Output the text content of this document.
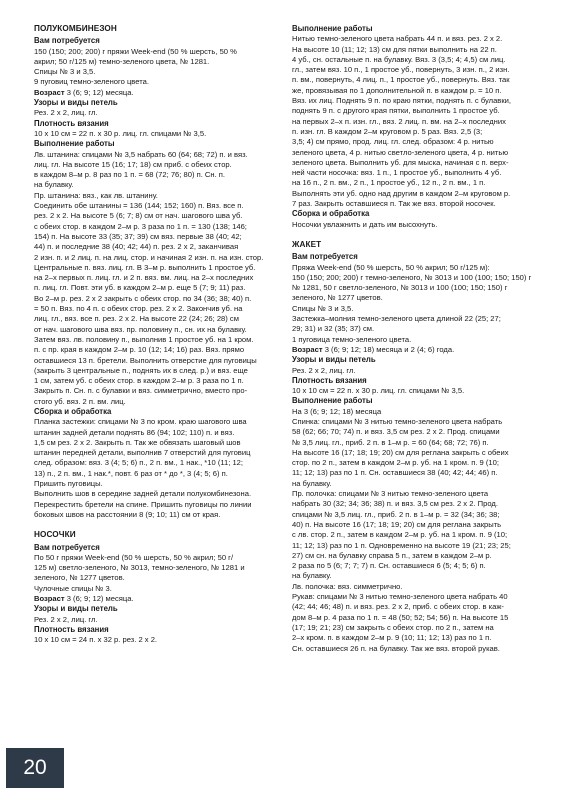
ПОЛУКОМБИНЕЗОН
Вам потребуется
150 (150; 200; 200) г пряжи Week-end (50 % шерсть, 50 %
акрил; 50 г/125 м) темно-зеленого цвета, № 1281.
Спицы № 3 и 3,5.
9 пуговиц темно-зеленого цвета.

Возраст 3 (6; 9; 12) месяца.

Узоры и виды петель

Рез. 2 х 2, лиц. гл.

Плотность вязания

10 х 10 см = 22 п. х 30 р. лиц. гл. спицами № 3,5.

Выполнение работы
Лв. штанина: спицами № 3,5 набрать 60 (64; 68; 72) п. и вяз.
лиц. гл. На высоте 15 (16; 17; 18) см приб. с обеих стор.
в каждом 8–м р. 8 раз по 1 п. = 68 (72; 76; 80) п. Сн. п.
на булавку.
Пр. штанина: вяз., как лв. штанину.
Соединить обе штанины = 136 (144; 152; 160) п. Вяз. все п.
рез. 2 х 2. На высоте 5 (6; 7; 8) см от нач. шагового шва уб.
с обеих стор. в каждом 2–м р. 3 раза по 1 п. = 130 (138; 146;
154) п. На высоте 33 (35; 37; 39) см вяз. первые 38 (40; 42;
44) п. и последние 38 (40; 42; 44) п. рез. 2 х 2, заканчивая
2 изн. п. и 2 лиц. п. на лиц. стор. и начиная 2 изн. п. на изн. стор.
Центральные п. вяз. лиц. гл. В 3–м р. выполнить 1 простое уб.
на 2–х первых п. лиц. гл. и 2 п. вяз. вм. лиц. на 2–х последних
п. лиц. гл. Повт. эти уб. в каждом 2–м р. еще 5 (7; 9; 11) раз.
Во 2–м р. рез. 2 х 2 закрыть с обеих стор. по 34 (36; 38; 40) п.
= 50 п. Вяз. по 4 п. с обеих стор. рез. 2 х 2. Закончив уб. на
лиц. гл., вяз. все п. рез. 2 х 2. На высоте 22 (24; 26; 28) см
от нач. шагового шва вяз. пр. половину п., сн. их на булавку.
Затем вяз. лв. половину п., выполнив 1 простое уб. на 1 кром.
п. с пр. края в каждом 2–м р. 10 (12; 14; 16) раз. Вяз. прямо
оставшиеся 13 п. бретели. Выполнить отверстие для пуговицы
(закрыть 3 центральные п., поднять их в след. р.) и вяз. еще
1 см, затем уб. с обеих стор. в каждом 2–м р. 3 раза по 1 п.
Закрыть п. Сн. п. с булавки и вяз. симметрично, вместо про-
стого уб. вяз. 2 п. вм. лиц.
Сборка и обработка
Планка застежки: спицами № 3 по кром. краю шагового шва
штанин задней детали поднять 86 (94; 102; 110) п. и вяз.
1,5 см рез. 2 х 2. Закрыть п. Так же обвязать шаговый шов
штанин передней детали, выполнив 7 отверстий для пуговиц
след. образом: вяз. 3 (4; 5; 6) п., 2 п. вм., 1 нак., *10 (11; 12;
13) п., 2 п. вм., 1 нак.*, повт. 6 раз от * до *, 3 (4; 5; 6) п.
Пришить пуговицы.
Выполнить шов в середине задней детали полукомбинезона.
Перекрестить бретели на спине. Пришить пуговицы по линии
боковых швов на расстоянии 8 (9; 10; 11) см от края.
НОСОЧКИ
Вам потребуется
По 50 г пряжи Week-end (50 % шерсть, 50 % акрил; 50 г/
125 м) светло-зеленого, № 3013, темно-зеленого, № 1281 и
зеленого, № 1277 цветов.
Чулочные спицы № 3.

Возраст 3 (6; 9; 12) месяца.

Узоры и виды петель

Рез. 2 х 2, лиц. гл.

Плотность вязания

10 х 10 см = 24 п. х 32 р. рез. 2 х 2.

Выполнение работы
Нитью темно-зеленого цвета набрать 44 п. и вяз. рез. 2 х 2.
На высоте 10 (11; 12; 13) см для пятки выполнить на 22 п.
4 уб., сн. остальные п. на булавку. Вяз. 3 (3,5; 4; 4,5) см лиц.
гл., затем вяз. 10 п., 1 простое уб., повернуть, 3 изн. п., 2 изн.
п. вм., повернуть, 4 лиц. п., 1 простое уб., повернуть. Вяз. так
же, провязывая по 1 дополнительной п. в каждом р. = 10 п.
Вяз. их лиц. Поднять 9 п. по краю пятки, поднять п. с булавки,
поднять 9 п. с другого края пятки, выполнить 1 простое уб.
на первых 2–х п. изн. гл., вяз. 2 лиц. п. вм. на 2–х последних
п. изн. гл. В каждом 2–м круговом р. 5 раз. Вяз. 2,5 (3;
3,5; 4) см прямо, прод. лиц. гл. след. образом: 4 р. нитью
зеленого цвета, 4 р. нитью светло-зеленого цвета, 4 р. нитью
зеленого цвета. Выполнить уб. для мыска, начиная с п. верх-
ней части носочка: вяз. 1 п., 1 простое уб., выполнить 4 уб.
на 16 п., 2 п. вм., 2 п., 1 простое уб., 12 п., 2 п. вм., 1 п.
Выполнять эти уб. одно над другим в каждом 2–м круговом р.
7 раз. Закрыть оставшиеся п. Так же вяз. второй носочек.
Сборка и обработка
Носочки увлажнить и дать им высохнуть.
ЖАКЕТ
Вам потребуется
Пряжа Week-end (50 % шерсть, 50 % акрил; 50 г/125 м):
150 (150; 200; 200) г темно-зеленого, № 3013 и 100 (100; 150; 150) г
№ 1281, 50 г светло-зеленого, № 3013 и 100 (100; 150; 150) г
зеленого, № 1277 цветов.
Спицы № 3 и 3,5.
Застежка–молния темно-зеленого цвета длиной 22 (25; 27;
29; 31) и 32 (35; 37) см.
1 пуговица темно-зеленого цвета.

Возраст 3 (6; 9; 12; 18) месяца и 2 (4; 6) года.

Узоры и виды петель

Рез. 2 х 2, лиц. гл.

Плотность вязания

10 х 10 см = 22 п. х 30 р. лиц. гл. спицами № 3,5.

Выполнение работы
На 3 (6; 9; 12; 18) месяца
Спинка: спицами № 3 нитью темно-зеленого цвета набрать
58 (62; 66; 70; 74) п. и вяз. 3,5 см рез. 2 х 2. Прод. спицами
№ 3,5 лиц. гл., приб. 2 п. в 1–м р. = 60 (64; 68; 72; 76) п.
На высоте 16 (17; 18; 19; 20) см для реглана закрыть с обеих
стор. по 2 п., затем в каждом 2–м р. уб. на 1 кром. п. 9 (10;
11; 12; 13) раз по 1 п. Сн. оставшиеся 38 (40; 42; 44; 46) п.
на булавку.
Пр. полочка: спицами № 3 нитью темно-зеленого цвета
набрать 30 (32; 34; 36; 38) п. и вяз. 3,5 см рез. 2 х 2. Прод.
спицами № 3,5 лиц. гл., приб. 2 п. в 1–м р. = 32 (34; 36; 38;
40) п. На высоте 16 (17; 18; 19; 20) см для реглана закрыть
с лв. стор. 2 п., затем в каждом 2–м р. уб. на 1 кром. п. 9 (10;
11; 12; 13) раз по 1 п. Одновременно на высоте 19 (21; 23; 25;
27) см сн. на булавку справа 5 п., затем в каждом 2–м р.
2 раза по 5 (6; 7; 7; 7) п. Сн. оставшиеся 6 (5; 4; 5; 6) п.
на булавку.
Лв. полочка: вяз. симметрично.
Рукав: спицами № 3 нитью темно-зеленого цвета набрать 40
(42; 44; 46; 48) п. и вяз. рез. 2 х 2, приб. с обеих стор. в каж-
дом 8–м р. 4 раза по 1 п. = 48 (50; 52; 54; 56) п. На высоте 15
(17; 19; 21; 23) см закрыть с обеих стор. по 2 п., затем на
2–х кром. п. в каждом 2–м р. 9 (10; 11; 12; 13) раз по 1 п.
Сн. оставшиеся 26 п. на булавку. Так же вяз. второй рукав.
20
